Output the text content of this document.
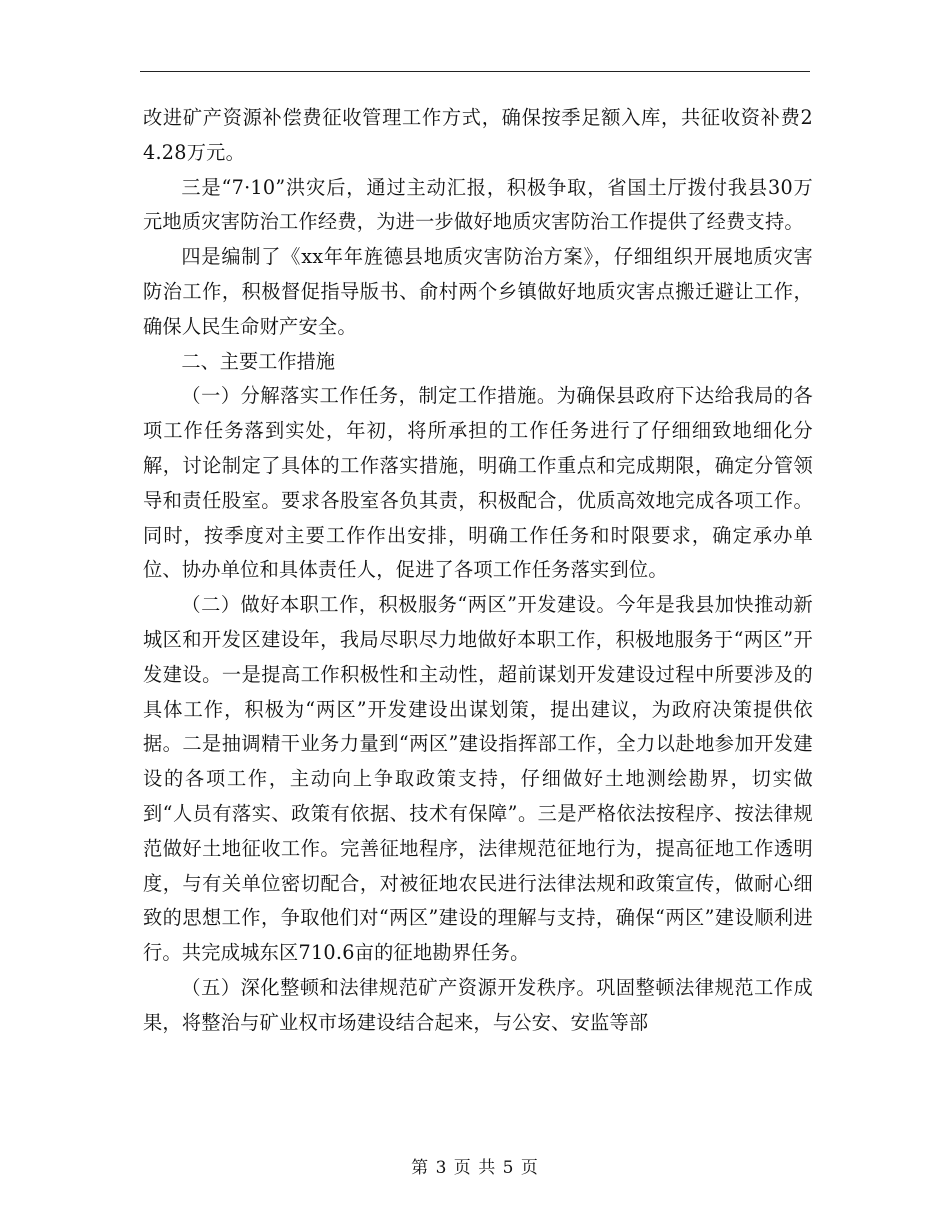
改进矿产资源补偿费征收管理工作方式，确保按季足额入库，共征收资补费24.28万元。

三是“7·10”洪灾后，通过主动汇报，积极争取，省国土厅拨付我县30万元地质灾害防治工作经费，为进一步做好地质灾害防治工作提供了经费支持。

四是编制了《xx年年旌德县地质灾害防治方案》，仔细组织开展地质灾害防治工作，积极督促指导版书、俞村两个乡镇做好地质灾害点搬迁避让工作，确保人民生命财产安全。

二、主要工作措施

（一）分解落实工作任务，制定工作措施。为确保县政府下达给我局的各项工作任务落到实处，年初，将所承担的工作任务进行了仔细细致地细化分解，讨论制定了具体的工作落实措施，明确工作重点和完成期限，确定分管领导和责任股室。要求各股室各负其责，积极配合，优质高效地完成各项工作。同时，按季度对主要工作作出安排，明确工作任务和时限要求，确定承办单位、协办单位和具体责任人，促进了各项工作任务落实到位。

（二）做好本职工作，积极服务“两区”开发建设。今年是我县加快推动新城区和开发区建设年，我局尽职尽力地做好本职工作，积极地服务于“两区”开发建设。一是提高工作积极性和主动性，超前谋划开发建设过程中所要涉及的具体工作，积极为“两区”开发建设出谋划策，提出建议，为政府决策提供依据。二是抽调精干业务力量到“两区”建设指挥部工作，全力以赴地参加开发建设的各项工作，主动向上争取政策支持，仔细做好土地测绘勘界，切实做到“人员有落实、政策有依据、技术有保障”。三是严格依法按程序、按法律规范做好土地征收工作。完善征地程序，法律规范征地行为，提高征地工作透明度，与有关单位密切配合，对被征地农民进行法律法规和政策宣传，做耐心细致的思想工作，争取他们对“两区”建设的理解与支持，确保“两区”建设顺利进行。共完成城东区710.6亩的征地勘界任务。

（五）深化整顿和法律规范矿产资源开发秩序。巩固整顿法律规范工作成果，将整治与矿业权市场建设结合起来，与公安、安监等部

第 3 页 共 5 页
